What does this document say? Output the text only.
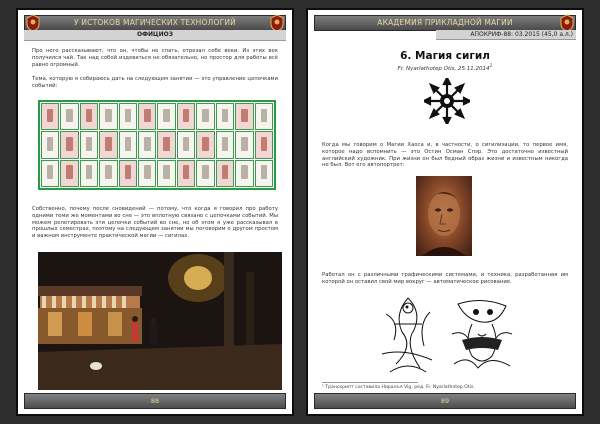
У ИСТОКОВ МАГИЧЕСКИХ ТЕХНОЛОГИЙ
ОФИЦИОЗ

Про него рассказывают, что он, чтобы не спать, отрезал себе веки. Из этих век получился чай. Так над собой издеваться не обязательно, но простор для работы всё равно огромный.

Тема, которую я собираюсь дать на следующем занятии — это управление цепочками событий:

Собственно, почему после сновидений — потому, что когда я говорил про работу одними теми же моментами во сне — это вплотную связано с цепочками событий. Мы можем репетировать эти цепочки событий во сне, но об этом я уже рассказывал в прошлых семестрах, поэтому на следующем занятии мы поговорим о другом простом и важном инструменте практической магии — сигилах.

88
АКАДЕМИЯ ПРИКЛАДНОЙ МАГИИ
АПОКРИФ-88: 03.2015 (45,0 а.л.)
6. Магия сигил
Fr. Nyarlathotep Otis, 25.11.2014$^1$

Когда мы говорим о Магии Хаоса и, в частности, о сигилизации, то первое имя, которое надо вспомнить — это Остин Осман Спэр. Это достаточно известный английский художник. При жизни он был бедный образ жизни и известным никогда не был. Вот его автопортрет:

Работал он с различными графическими системами, и техника, разработанная им которой он оставил свой мир вокруг — автоматическое рисование.

¹ Транскрипт составила Ниранъя Vig, ред. Fr. Nyarlathotep Otis.
89
